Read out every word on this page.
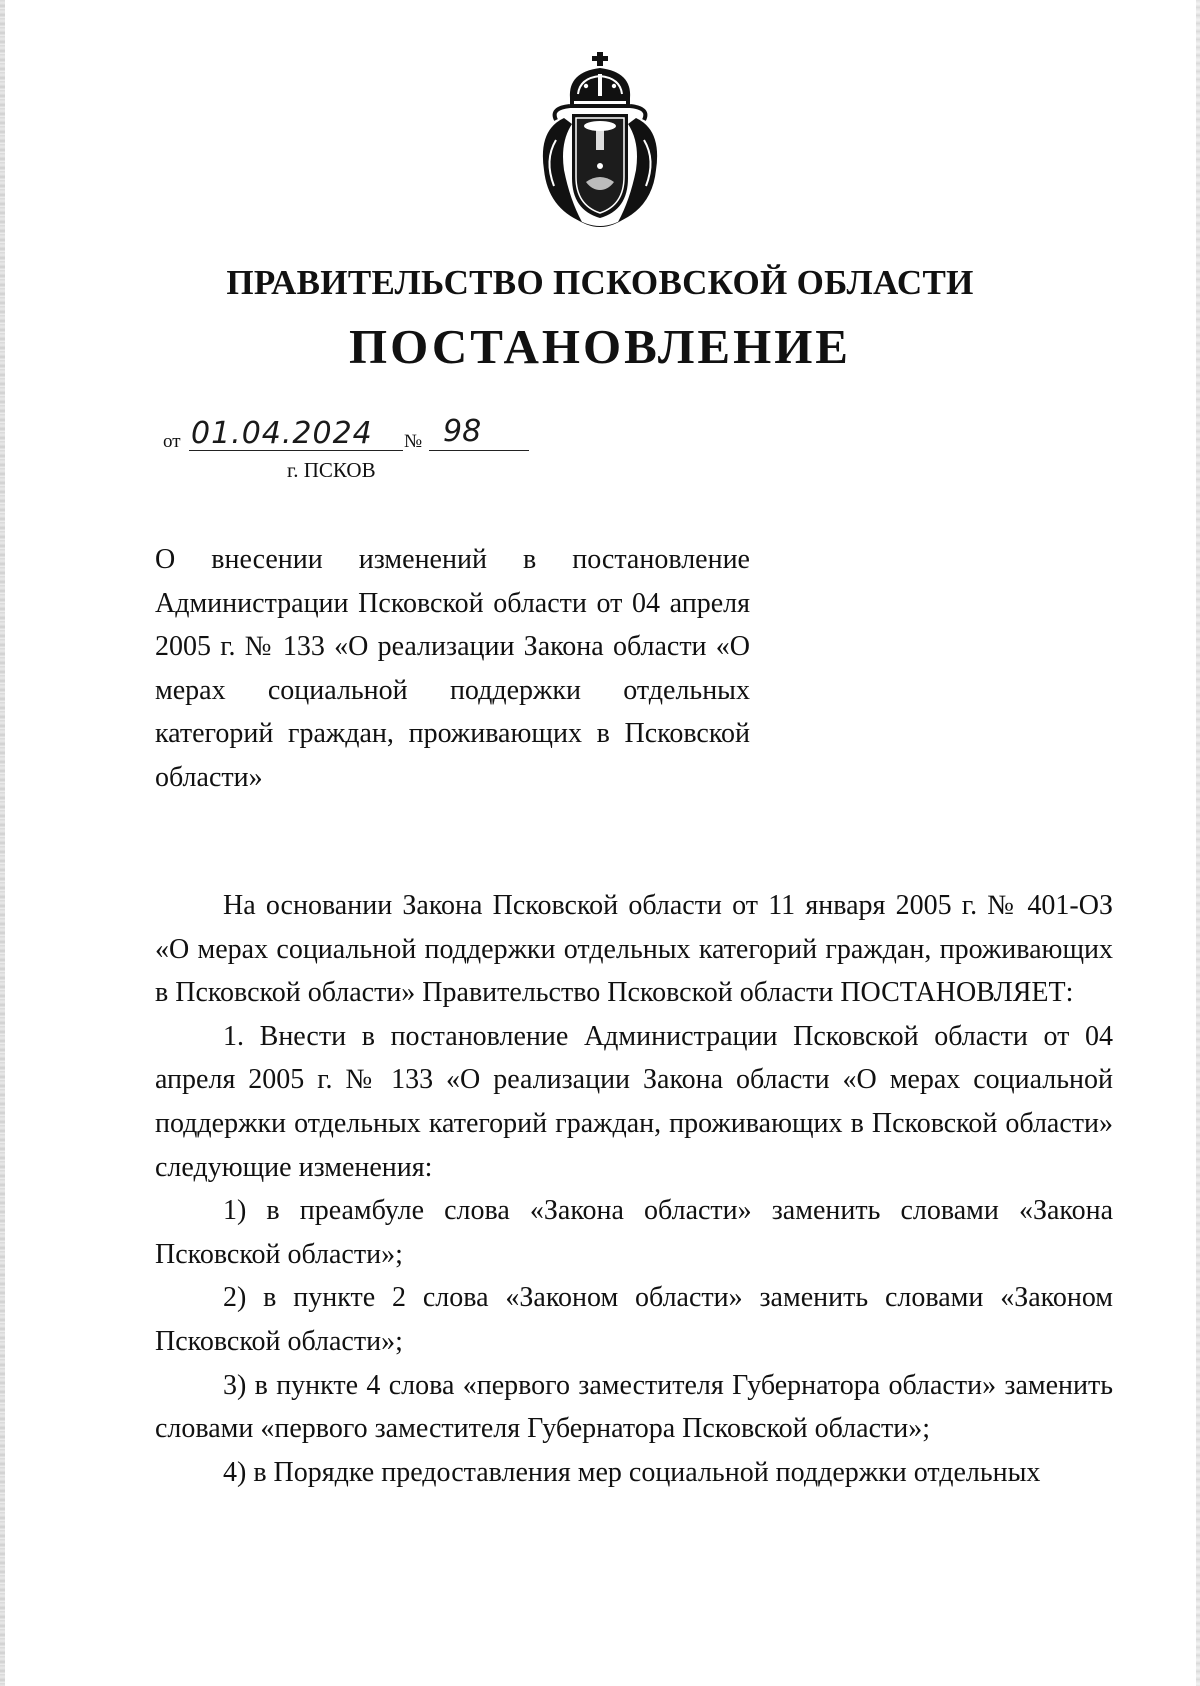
ПРАВИТЕЛЬСТВО ПСКОВСКОЙ ОБЛАСТИ
ПОСТАНОВЛЕНИЕ
от 01.04.2024	№ 98
г. ПСКОВ

О внесении изменений в постановление Администрации Псковской области от 04 апреля 2005 г. № 133 «О реализации Закона области «О мерах социальной поддержки отдельных категорий граждан, проживающих в Псковской области»

На основании Закона Псковской области от 11 января 2005 г. № 401-ОЗ «О мерах социальной поддержки отдельных категорий граждан, проживающих в Псковской области» Правительство Псковской области ПОСТАНОВЛЯЕТ:

1. Внести в постановление Администрации Псковской области от 04 апреля 2005 г. № 133 «О реализации Закона области «О мерах социальной поддержки отдельных категорий граждан, проживающих в Псковской области» следующие изменения:

1) в преамбуле слова «Закона области» заменить словами «Закона Псковской области»;

2) в пункте 2 слова «Законом области» заменить словами «Законом Псковской области»;

3) в пункте 4 слова «первого заместителя Губернатора области» заменить словами «первого заместителя Губернатора Псковской области»;

4) в Порядке предоставления мер социальной поддержки отдельных
